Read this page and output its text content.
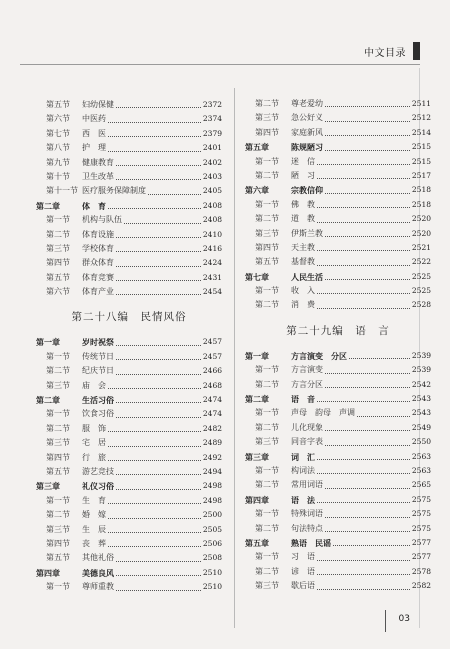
中文目录
第五节	妇幼保健	2372
第六节	中医药	2374
第七节	西　医	2379
第八节	护　理	2401
第九节	健康教育	2402
第十节	卫生改革	2403
第十一节 医疗服务保障制度	2405
第二章	体　育	2408
第一节	机构与队伍	2408
第二节	体育设施	2410
第三节	学校体育	2416
第四节	群众体育	2424
第五节	体育竞赛	2431
第六节	体育产业	2454
第二十八编　民情风俗
第一章	岁时祝祭	2457
第一节	传统节日	2457
第二节	纪庆节日	2466
第三节	庙　会	2468
第二章	生活习俗	2474
第一节	饮食习俗	2474
第二节	服　饰	2482
第三节	宅　居	2489
第四节	行　旅	2492
第五节	游艺竞技	2494
第三章	礼仪习俗	2498
第一节	生　育	2498
第二节	婚　嫁	2500
第三节	生　辰	2505
第四节	丧　葬	2506
第五节	其他礼俗	2508
第四章	美德良风	2510
第一节	尊师重教	2510
第二节	尊老爱幼	2511
第三节	急公好义	2512
第四节	家庭新风	2514
第五章	陈规陋习	2515
第一节	迷　信	2515
第二节	陋　习	2517
第六章	宗教信仰	2518
第一节	佛　教	2518
第二节	道　教	2520
第三节	伊斯兰教	2520
第四节	天主教	2521
第五节	基督教	2522
第七章	人民生活	2525
第一节	收　入	2525
第二节	消　费	2528
第二十九编　语　言
第一章	方言演变　分区	2539
第一节	方言演变	2539
第二节	方言分区	2542
第二章	语　音	2543
第一节	声母　韵母　声调	2543
第二节	儿化现象	2549
第三节	同音字表	2550
第三章	词　汇	2563
第一节	构词法	2563
第二节	常用词语	2565
第四章	语　法	2575
第一节	特殊词语	2575
第二节	句法特点	2575
第五章	熟语　民谣	2577
第一节	习　语	2577
第二节	谚　语	2578
第三节	歇后语	2582
03
